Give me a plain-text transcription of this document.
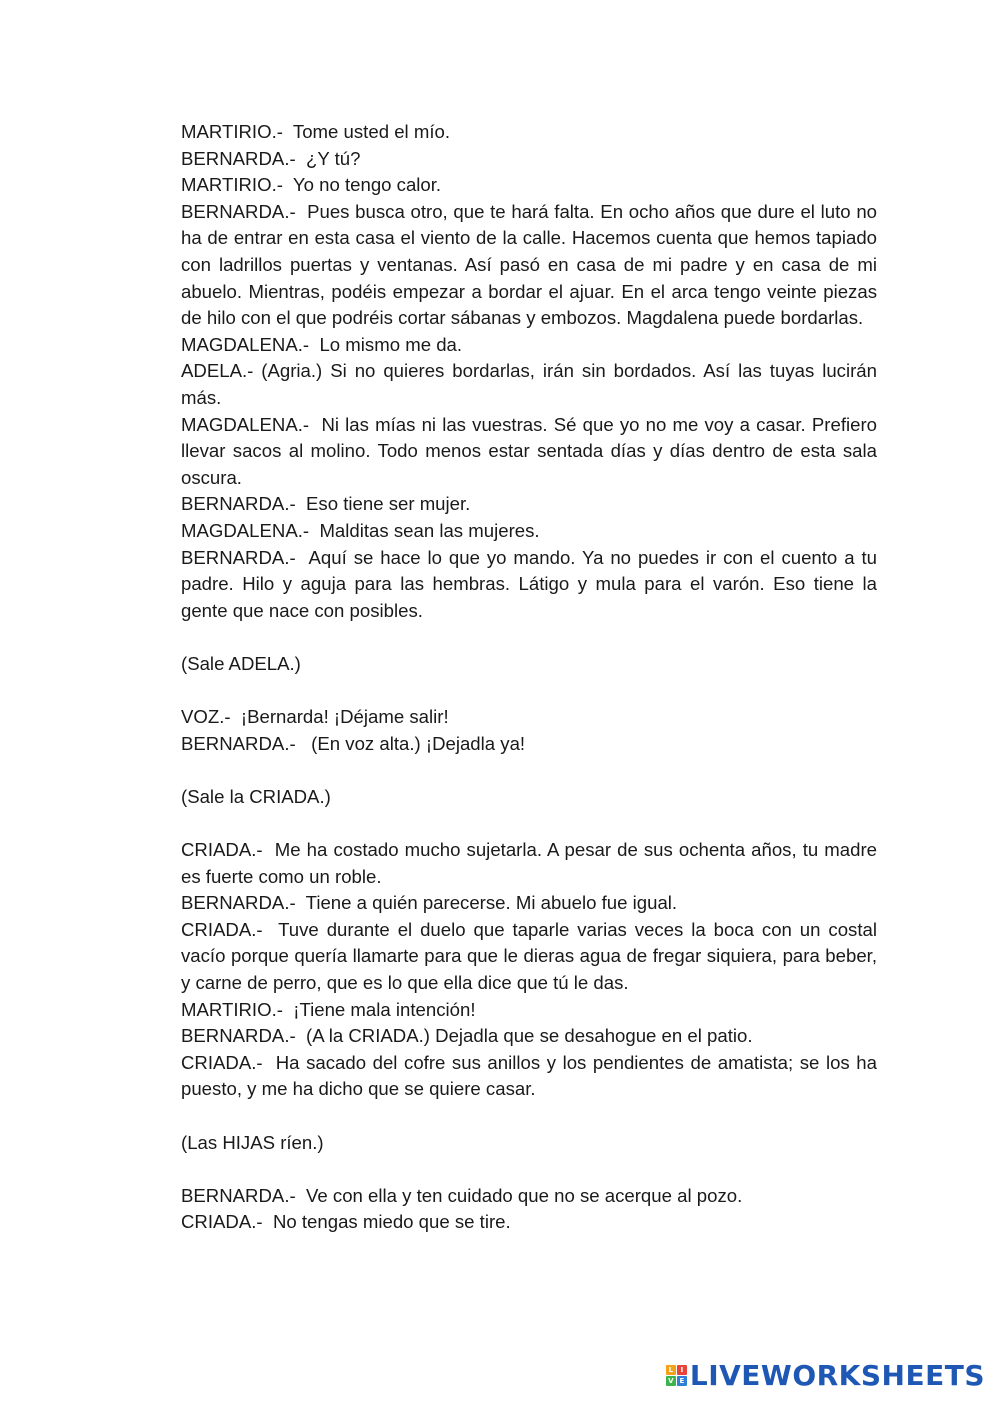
MARTIRIO.-  Tome usted el mío.
BERNARDA.-  ¿Y tú?
MARTIRIO.-  Yo no tengo calor.
BERNARDA.-  Pues busca otro, que te hará falta. En ocho años que dure el luto no ha de entrar en esta casa el viento de la calle. Hacemos cuenta que hemos tapiado con ladrillos puertas y ventanas. Así pasó en casa de mi padre y en casa de mi abuelo. Mientras, podéis empezar a bordar el ajuar. En el arca tengo veinte piezas de hilo con el que podréis cortar sábanas y embozos. Magdalena puede bordarlas.
MAGDALENA.-  Lo mismo me da.
ADELA.- (Agria.) Si no quieres bordarlas, irán sin bordados. Así las tuyas lucirán más.
MAGDALENA.-  Ni las mías ni las vuestras. Sé que yo no me voy a casar. Prefiero llevar sacos al molino. Todo menos estar sentada días y días dentro de esta sala oscura.
BERNARDA.-  Eso tiene ser mujer.
MAGDALENA.-  Malditas sean las mujeres.
BERNARDA.-  Aquí se hace lo que yo mando. Ya no puedes ir con el cuento a tu padre. Hilo y aguja para las hembras. Látigo y mula para el varón. Eso tiene la gente que nace con posibles.
(Sale ADELA.)
VOZ.-  ¡Bernarda! ¡Déjame salir!
BERNARDA.-   (En voz alta.) ¡Dejadla ya!
(Sale la CRIADA.)
CRIADA.-  Me ha costado mucho sujetarla. A pesar de sus ochenta años, tu madre es fuerte como un roble.
BERNARDA.-  Tiene a quién parecerse. Mi abuelo fue igual.
CRIADA.-  Tuve durante el duelo que taparle varias veces la boca con un costal vacío porque quería llamarte para que le dieras agua de fregar siquiera, para beber, y carne de perro, que es lo que ella dice que tú le das.
MARTIRIO.-  ¡Tiene mala intención!
BERNARDA.-  (A la CRIADA.) Dejadla que se desahogue en el patio.
CRIADA.-  Ha sacado del cofre sus anillos y los pendientes de amatista; se los ha puesto, y me ha dicho que se quiere casar.
(Las HIJAS ríen.)
BERNARDA.-  Ve con ella y ten cuidado que no se acerque al pozo.
CRIADA.-  No tengas miedo que se tire.
L	I
V E LIVEWORKSHEETS
